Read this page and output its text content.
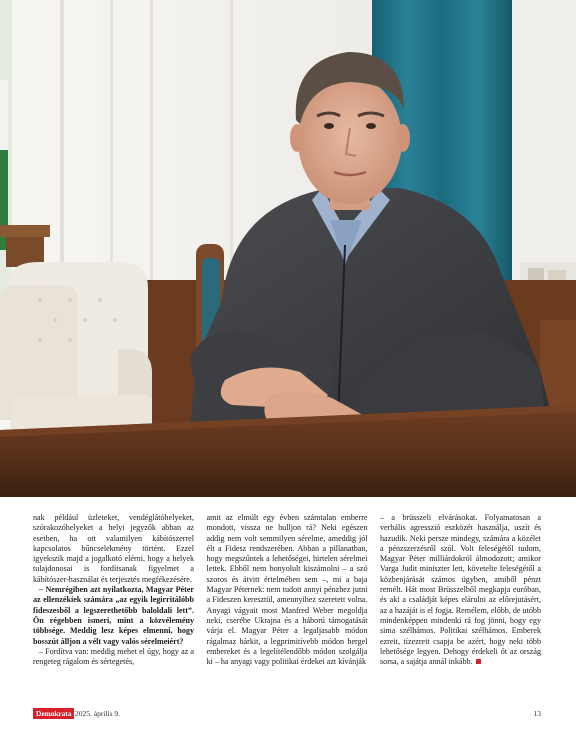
nak például üzleteket, vendéglátóhelyeket, szórakozóhelyeket a helyi jegyzők abban az esetben, ha ott valamilyen kábítószerrel kapcsolatos bűncselekmény történt. Ezzel igyekszik majd a jogalkotó elérni, hogy a helyek tulajdonosai is fordítsanak figyelmet a kábítószer-használat és terjesztés megfékezésére.

– Nemrégiben azt nyilatkozta, Magyar Péter az ellenzékiek számára „az egyik legirritálóbb fideszesből a legszerethetőbb baloldali lett”. Ön régebben ismeri, mint a közvélemény többsége. Meddig lesz képes elmenni, hogy bosszút álljon a vélt vagy valós sérelmeiért?

– Fordítva van: meddig mehet el úgy, hogy az a rengeteg rágalom és sértegetés,

amit az elmúlt egy évben számtalan emberre mondott, vissza ne hulljon rá? Neki egészen addig nem volt semmilyen sérelme, ameddig jól élt a Fidesz rendszerében. Abban a pillanatban, hogy megszűntek a lehetőségei, hirtelen sérelmei lettek. Ebből nem bonyolult kiszámolni – a szó szoros és átvitt értelmében sem –, mi a baja Magyar Péternek: nem tudott annyi pénzhez jutni a Fideszen keresztül, amennyihez szeretett volna. Anyagi vágyait most Manfred Weber megoldja neki, cserébe Ukrajna és a háború támogatását várja el. Magyar Péter a legaljasabb módon rágalmaz bárkit, a legprimitívebb módon hergel embereket és a legelítélendőbb módon szolgálja ki – ha anyagi vagy politikai érdekei azt kívánják

– a brüsszeli elvárásokat. Folyamatosan a verbális agresszió eszközét használja, uszít és hazudik. Neki persze mindegy, számára a közélet a pénzszerzésről szól. Volt feleségétől tudom, Magyar Péter milliárdokról álmodozott; amikor Varga Judit miniszter lett, követelte feleségétől a közbenjárását számos ügyben, amiből pénzt remélt. Hát most Brüsszelből megkapja euróban, és aki a családját képes elárulni az előrejutásért, az a hazáját is el fogja. Remélem, előbb, de utóbb mindenképpen mindenki rá fog jönni, hogy egy sima szélhámos. Politikai szélhámos. Emberek ezreit, tízezreit csapja be azért, hogy neki több lehetősége legyen. Dehogy érdekeli őt az ország sorsa, a sajátja annál inkább.

Demokrata 2025. április 9.	13
